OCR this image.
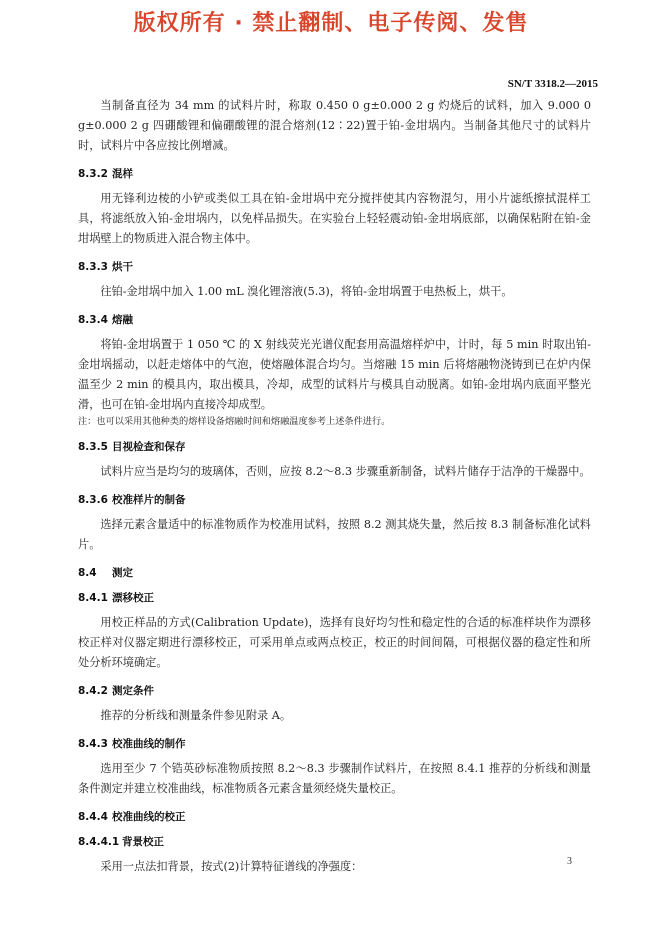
版权所有 · 禁止翻制、电子传阅、发售
SN/T 3318.2—2015

当制备直径为 34 mm 的试料片时，称取 0.450 0 g±0.000 2 g 灼烧后的试料，加入 9.000 0 g±0.000 2 g 四硼酸锂和偏硼酸锂的混合熔剂(12∶22)置于铂-金坩埚内。当制备其他尺寸的试料片时，试料片中各应按比例增减。

8.3.2 混样

用无锋利边棱的小铲或类似工具在铂-金坩埚中充分搅拌使其内容物混匀，用小片滤纸擦拭混样工具，将滤纸放入铂-金坩埚内，以免样品损失。在实验台上轻轻震动铂-金坩埚底部，以确保粘附在铂-金坩埚壁上的物质进入混合物主体中。

8.3.3 烘干

往铂-金坩埚中加入 1.00 mL 溴化锂溶液(5.3)，将铂-金坩埚置于电热板上，烘干。

8.3.4 熔融

将铂-金坩埚置于 1 050 ℃ 的 X 射线荧光光谱仪配套用高温熔样炉中，计时，每 5 min 时取出铂-金坩埚摇动，以赶走熔体中的气泡，使熔融体混合均匀。当熔融 15 min 后将熔融物浇铸到已在炉内保温至少 2 min 的模具内，取出模具，冷却，成型的试料片与模具自动脱离。如铂-金坩埚内底面平整光滑，也可在铂-金坩埚内直接冷却成型。

注：也可以采用其他种类的熔样设备熔融时间和熔融温度参考上述条件进行。

8.3.5 目视检查和保存

试料片应当是均匀的玻璃体，否则，应按 8.2～8.3 步骤重新制备，试料片储存于洁净的干燥器中。

8.3.6 校准样片的制备

选择元素含量适中的标准物质作为校准用试料，按照 8.2 测其烧失量，然后按 8.3 制备标准化试料片。

8.4 测定
8.4.1 漂移校正

用校正样品的方式(Calibration Update)，选择有良好均匀性和稳定性的合适的标准样块作为漂移校正样对仪器定期进行漂移校正，可采用单点或两点校正，校正的时间间隔，可根据仪器的稳定性和所处分析环境确定。

8.4.2 测定条件

推荐的分析线和测量条件参见附录 A。

8.4.3 校准曲线的制作

选用至少 7 个锆英砂标准物质按照 8.2～8.3 步骤制作试料片，在按照 8.4.1 推荐的分析线和测量条件测定并建立校准曲线，标准物质各元素含量须经烧失量校正。

8.4.4 校准曲线的校正
8.4.4.1 背景校正

采用一点法扣背景，按式(2)计算特征谱线的净强度：	3
